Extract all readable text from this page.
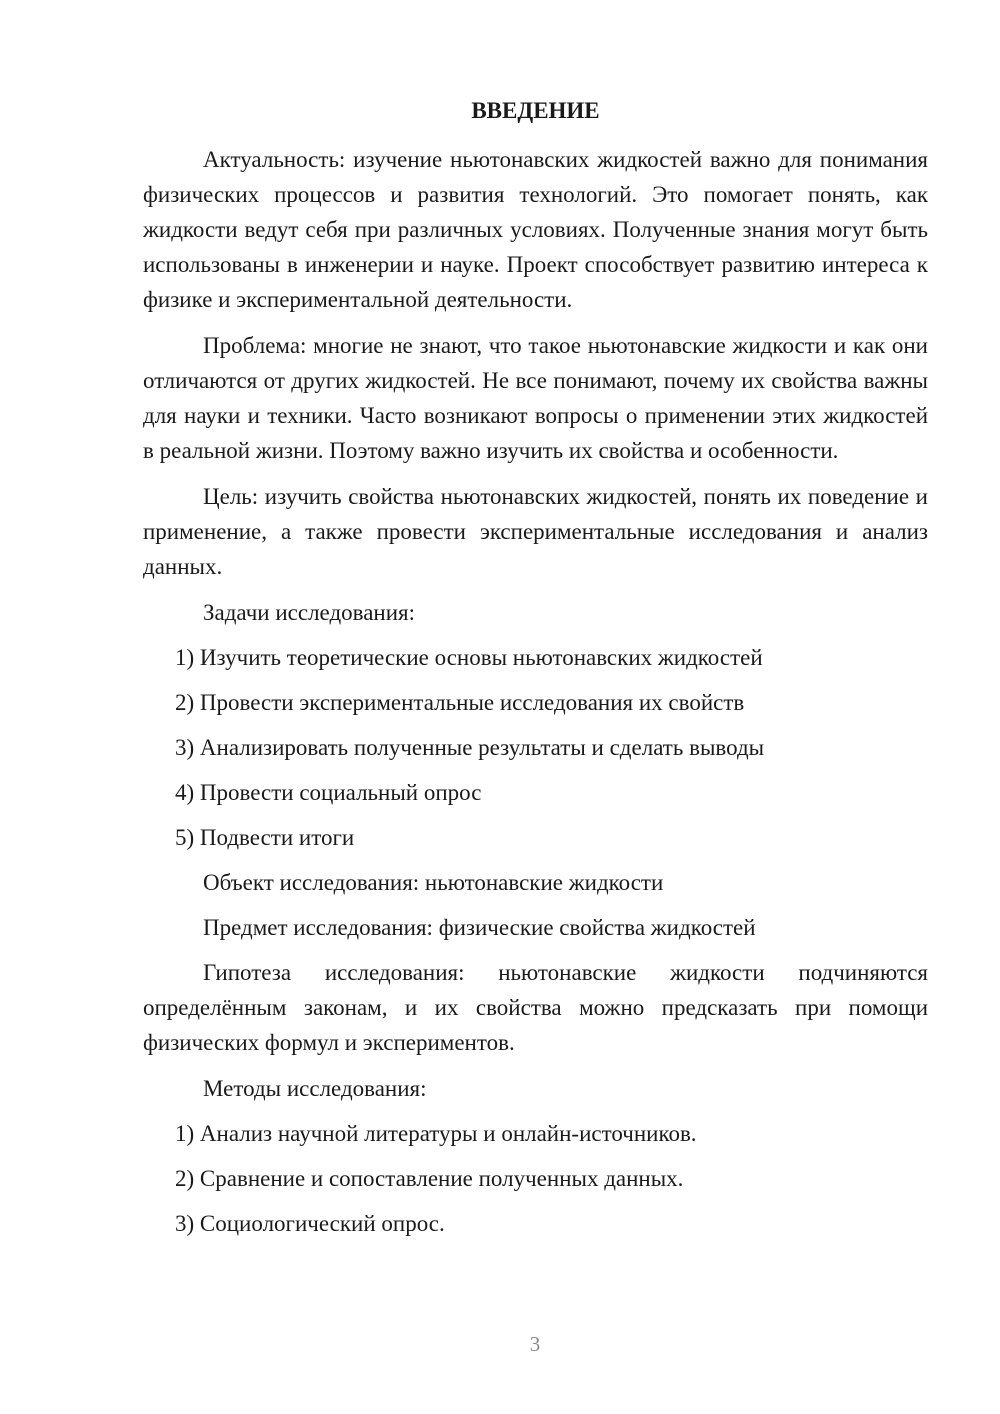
ВВЕДЕНИЕ

Актуальность: изучение ньютонавских жидкостей важно для понимания физических процессов и развития технологий. Это помогает понять, как жидкости ведут себя при различных условиях. Полученные знания могут быть использованы в инженерии и науке. Проект способствует развитию интереса к физике и экспериментальной деятельности.

Проблема: многие не знают, что такое ньютонавские жидкости и как они отличаются от других жидкостей. Не все понимают, почему их свойства важны для науки и техники. Часто возникают вопросы о применении этих жидкостей в реальной жизни. Поэтому важно изучить их свойства и особенности.

Цель: изучить свойства ньютонавских жидкостей, понять их поведение и применение, а также провести экспериментальные исследования и анализ данных.

Задачи исследования:
1) Изучить теоретические основы ньютонавских жидкостей
2) Провести экспериментальные исследования их свойств
3) Анализировать полученные результаты и сделать выводы
4) Провести социальный опрос
5) Подвести итоги
Объект исследования: ньютонавские жидкости
Предмет исследования: физические свойства жидкостей

Гипотеза исследования: ньютонавские жидкости подчиняются определённым законам, и их свойства можно предсказать при помощи физических формул и экспериментов.

Методы исследования:
1) Анализ научной литературы и онлайн-источников.
2) Сравнение и сопоставление полученных данных.
3) Социологический опрос.
3
